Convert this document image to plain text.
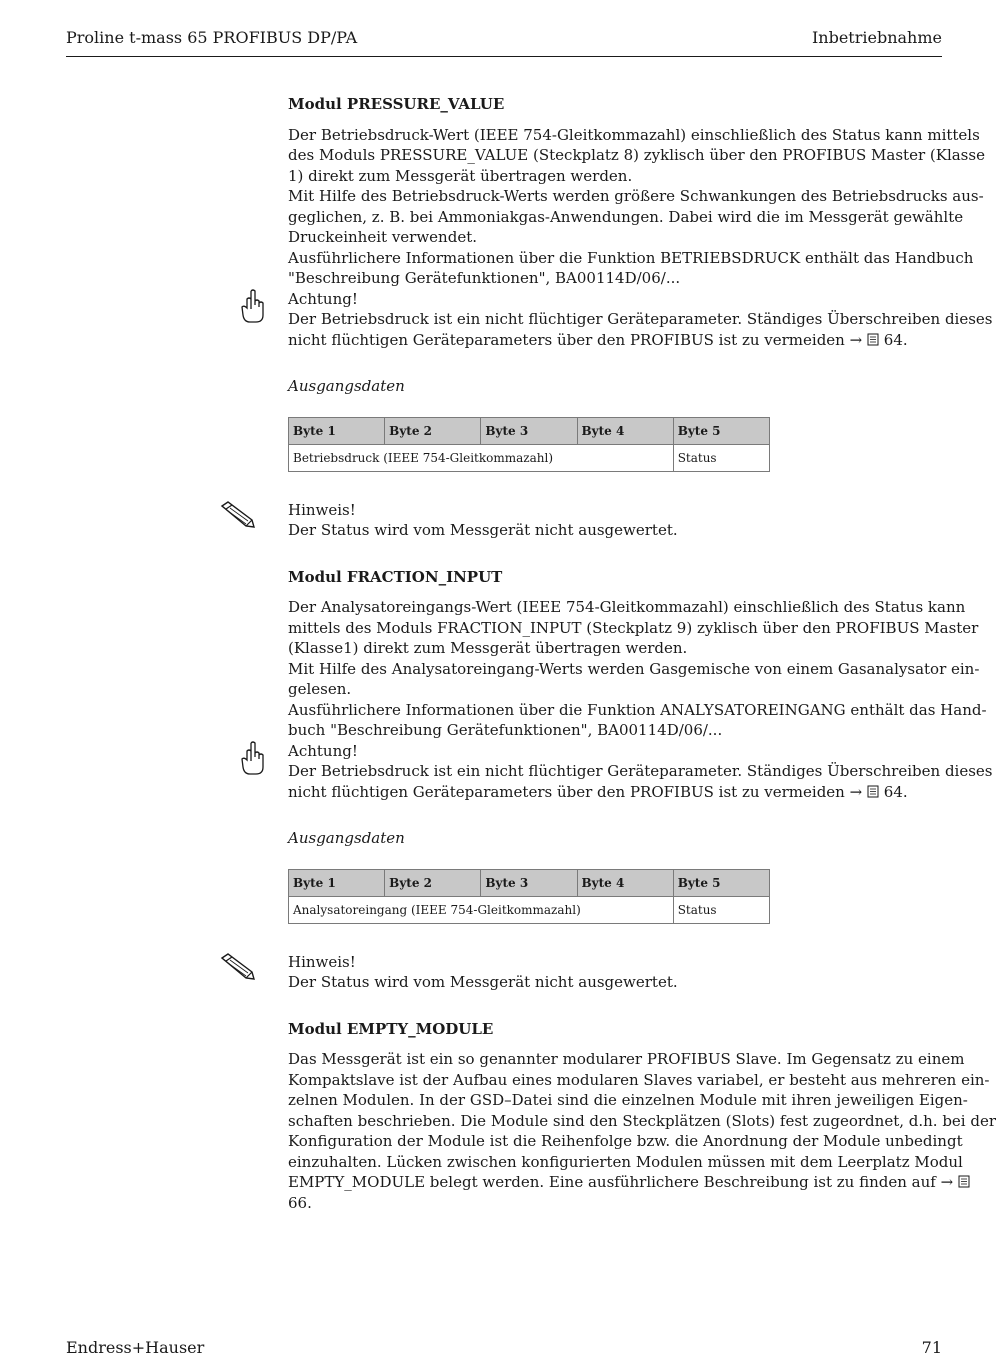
Proline t-mass 65 PROFIBUS DP/PA	Inbetriebnahme
Modul PRESSURE_VALUE
Der Betriebsdruck-Wert (IEEE 754-Gleitkommazahl) einschließlich des Status kann mittels
des Moduls PRESSURE_VALUE (Steckplatz 8) zyklisch über den PROFIBUS Master (Klasse
1) direkt zum Messgerät übertragen werden.
Mit Hilfe des Betriebsdruck-Werts werden größere Schwankungen des Betriebsdrucks aus-
geglichen, z. B. bei Ammoniakgas-Anwendungen. Dabei wird die im Messgerät gewählte
Druckeinheit verwendet.
Ausführlichere Informationen über die Funktion BETRIEBSDRUCK enthält das Handbuch
"Beschreibung Gerätefunktionen", BA00114D/06/...
Achtung!
Der Betriebsdruck ist ein nicht flüchtiger Geräteparameter. Ständiges Überschreiben dieses
nicht flüchtigen Geräteparameters über den PROFIBUS ist zu vermeiden → 64.
Ausgangsdaten
Byte 1	Byte 2	Byte 3	Byte 4	Byte 5
Betriebsdruck (IEEE 754-Gleitkommazahl)				Status
Hinweis!
Der Status wird vom Messgerät nicht ausgewertet.
Modul FRACTION_INPUT
Der Analysatoreingangs-Wert (IEEE 754-Gleitkommazahl) einschließlich des Status kann
mittels des Moduls FRACTION_INPUT (Steckplatz 9) zyklisch über den PROFIBUS Master
(Klasse1) direkt zum Messgerät übertragen werden.
Mit Hilfe des Analysatoreingang-Werts werden Gasgemische von einem Gasanalysator ein-
gelesen.
Ausführlichere Informationen über die Funktion ANALYSATOREINGANG enthält das Hand-
buch "Beschreibung Gerätefunktionen", BA00114D/06/...
Achtung!
Der Betriebsdruck ist ein nicht flüchtiger Geräteparameter. Ständiges Überschreiben dieses
nicht flüchtigen Geräteparameters über den PROFIBUS ist zu vermeiden → 64.
Ausgangsdaten
Byte 1	Byte 2	Byte 3	Byte 4	Byte 5
Analysatoreingang (IEEE 754-Gleitkommazahl)				Status
Hinweis!
Der Status wird vom Messgerät nicht ausgewertet.
Modul EMPTY_MODULE
Das Messgerät ist ein so genannter modularer PROFIBUS Slave. Im Gegensatz zu einem
Kompaktslave ist der Aufbau eines modularen Slaves variabel, er besteht aus mehreren ein-
zelnen Modulen. In der GSD–Datei sind die einzelnen Module mit ihren jeweiligen Eigen-
schaften beschrieben. Die Module sind den Steckplätzen (Slots) fest zugeordnet, d.h. bei der
Konfiguration der Module ist die Reihenfolge bzw. die Anordnung der Module unbedingt
einzuhalten. Lücken zwischen konfigurierten Modulen müssen mit dem Leerplatz Modul
EMPTY_MODULE belegt werden. Eine ausführlichere Beschreibung ist zu finden auf →
66.
Endress+Hauser	71
